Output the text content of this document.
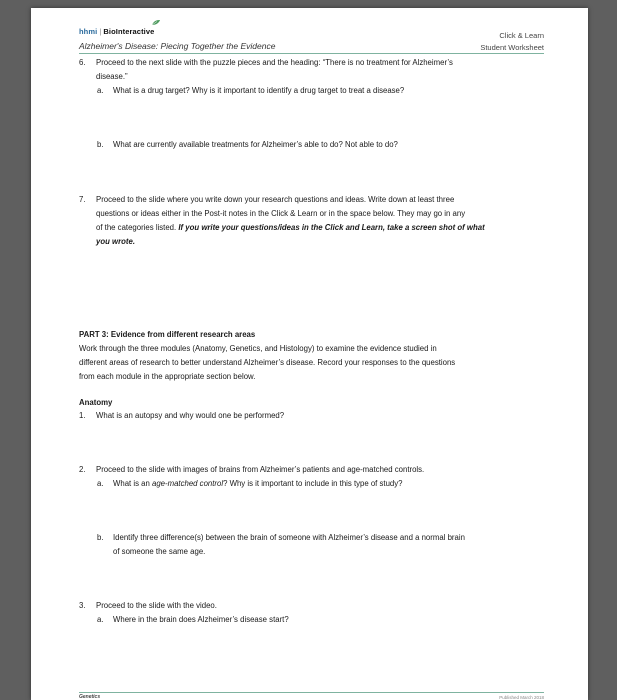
hhmi | BioInteractive
Alzheimer's Disease: Piecing Together the Evidence
Click & Learn
Student Worksheet
6. Proceed to the next slide with the puzzle pieces and the heading: “There is no treatment for Alzheimer’s
disease.”
a. What is a drug target? Why is it important to identify a drug target to treat a disease?
b. What are currently available treatments for Alzheimer’s able to do? Not able to do?
7. Proceed to the slide where you write down your research questions and ideas. Write down at least three
questions or ideas either in the Post-it notes in the Click & Learn or in the space below. They may go in any
of the categories listed. If you write your questions/ideas in the Click and Learn, take a screen shot of what
you wrote.
PART 3: Evidence from different research areas
Work through the three modules (Anatomy, Genetics, and Histology) to examine the evidence studied in
different areas of research to better understand Alzheimer’s disease. Record your responses to the questions
from each module in the appropriate section below.
Anatomy
1. What is an autopsy and why would one be performed?
2. Proceed to the slide with images of brains from Alzheimer’s patients and age-matched controls.
a. What is an age-matched control? Why is it important to include in this type of study?
b. Identify three difference(s) between the brain of someone with Alzheimer’s disease and a normal brain
of someone the same age.
3. Proceed to the slide with the video.
a. Where in the brain does Alzheimer’s disease start?
Genetics	Published March 2018
